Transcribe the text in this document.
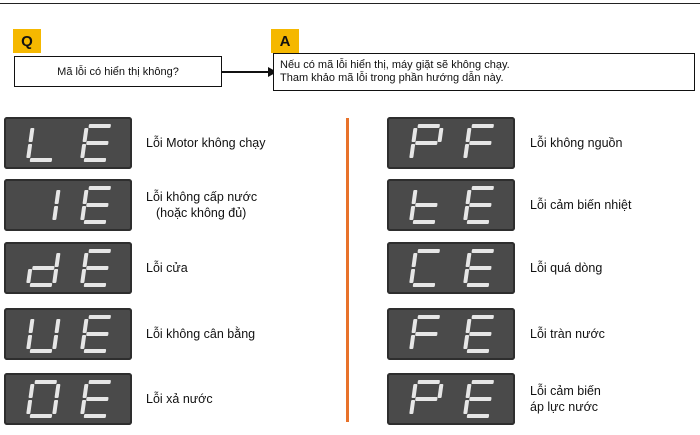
Q
Mã lỗi có hiển thị không?
A
Nếu có mã lỗi hiển thị, máy giặt sẽ không chạy.
Tham khảo mã lỗi trong phần hướng dẫn này.
Lỗi Motor không chạy
Lỗi không cấp nước
(hoặc không đủ)
Lỗi cửa
Lỗi không cân bằng
Lỗi xả nước
Lỗi không nguồn
Lỗi cảm biến nhiệt
Lỗi quá dòng
Lỗi tràn nước
Lỗi cảm biến
áp lực nước
